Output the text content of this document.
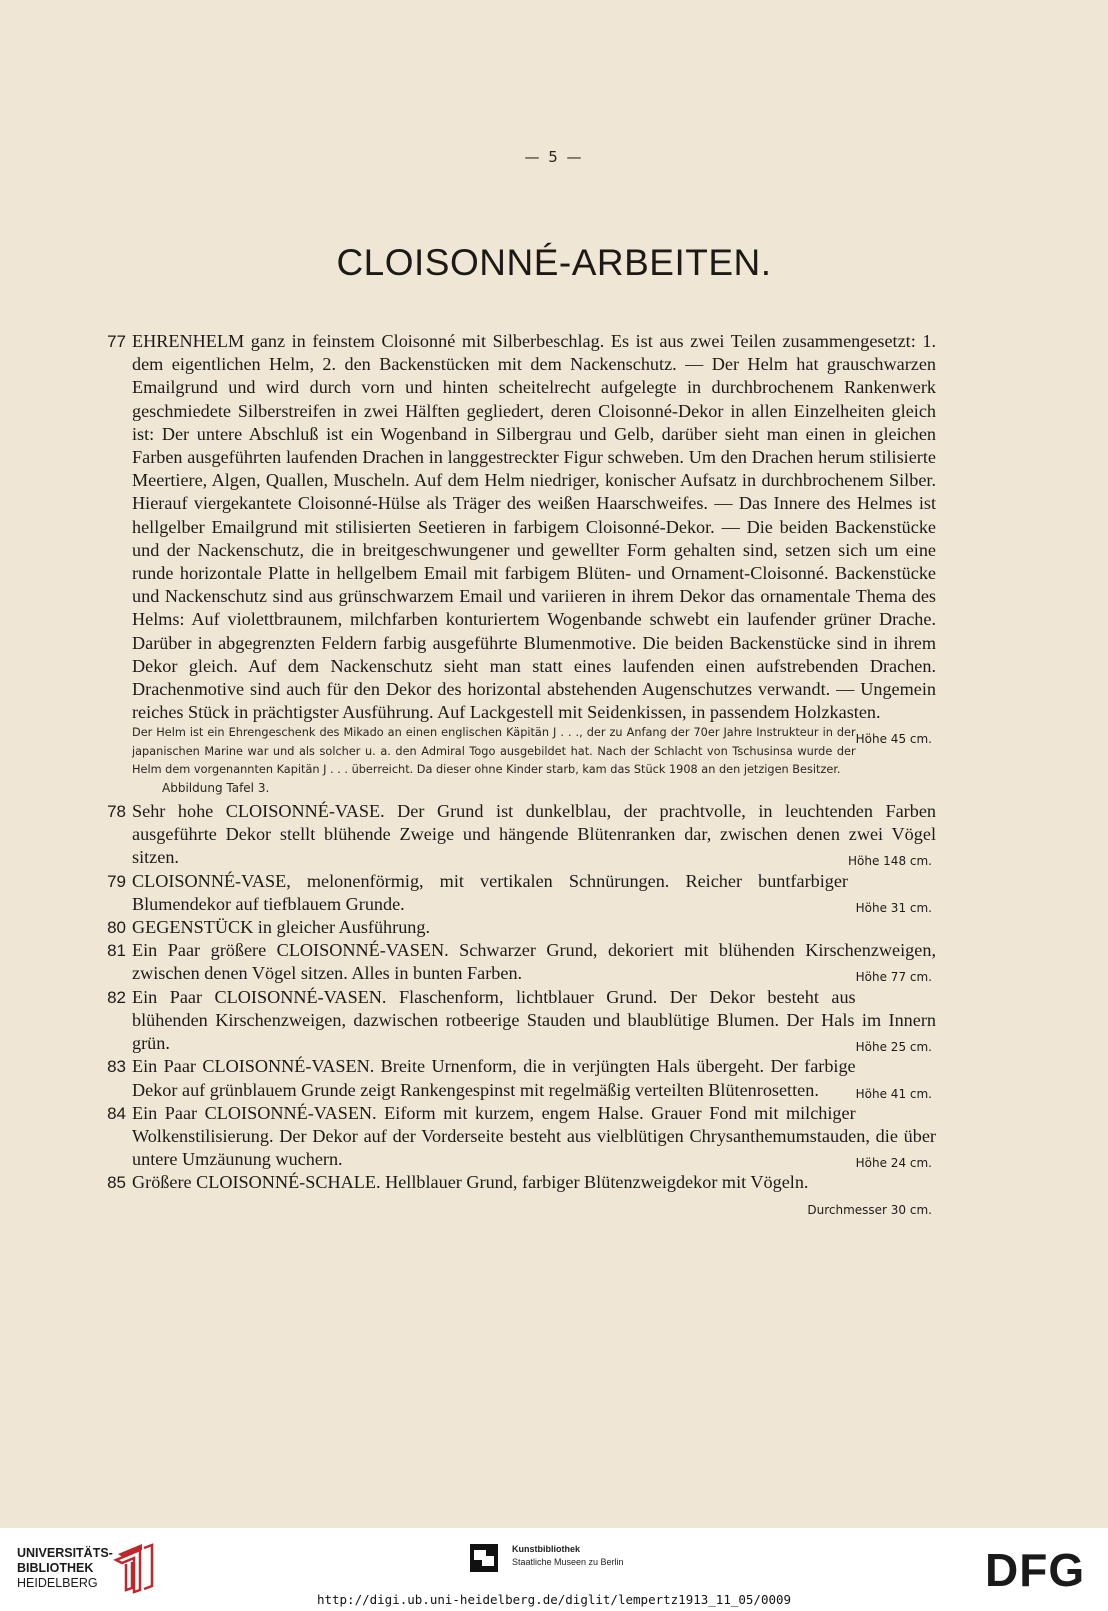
— 5 —
CLOISONNÉ-ARBEITEN.
77 EHRENHELM ganz in feinstem Cloisonné mit Silberbeschlag. Es ist aus zwei Teilen zusammengesetzt: 1. dem eigentlichen Helm, 2. den Backenstücken mit dem Nackenschutz. — Der Helm hat grauschwarzen Emailgrund und wird durch vorn und hinten scheitelrecht aufgelegte in durchbrochenem Rankenwerk geschmiedete Silberstreifen in zwei Hälften gegliedert, deren Cloisonné-Dekor in allen Einzelheiten gleich ist: Der untere Abschluß ist ein Wogenband in Silbergrau und Gelb, darüber sieht man einen in gleichen Farben ausgeführten laufenden Drachen in langgestreckter Figur schweben. Um den Drachen herum stilisierte Meertiere, Algen, Quallen, Muscheln. Auf dem Helm niedriger, konischer Aufsatz in durchbrochenem Silber. Hierauf viergekantete Cloisonné-Hülse als Träger des weißen Haarschweifes. — Das Innere des Helmes ist hellgelber Emailgrund mit stilisierten Seetieren in farbigem Cloisonné-Dekor. — Die beiden Backenstücke und der Nackenschutz, die in breitgeschwungener und gewellter Form gehalten sind, setzen sich um eine runde horizontale Platte in hellgelbem Email mit farbigem Blüten- und Ornament-Cloisonné. Backenstücke und Nackenschutz sind aus grünschwarzem Email und variieren in ihrem Dekor das ornamentale Thema des Helms: Auf violettbraunem, milchfarben konturiertem Wogenbande schwebt ein laufender grüner Drache. Darüber in abgegrenzten Feldern farbig ausgeführte Blumenmotive. Die beiden Backenstücke sind in ihrem Dekor gleich. Auf dem Nackenschutz sieht man statt eines laufenden einen aufstrebenden Drachen. Drachenmotive sind auch für den Dekor des horizontal abstehenden Augenschutzes verwandt. — Ungemein reiches Stück in prächtigster Ausführung. Auf Lackgestell mit Seidenkissen, in passendem Holzkasten.
Höhe 45 cm.
Der Helm ist ein Ehrengeschenk des Mikado an einen englischen Käpitän J . . ., der zu Anfang der 70er Jahre Instrukteur in der japanischen Marine war und als solcher u. a. den Admiral Togo ausgebildet hat. Nach der Schlacht von Tschusinsa wurde der Helm dem vorgenannten Kapitän J . . . überreicht. Da dieser ohne Kinder starb, kam das Stück 1908 an den jetzigen Besitzer.
Abbildung Tafel 3.
78 Sehr hohe CLOISONNÉ-VASE. Der Grund ist dunkelblau, der prachtvolle, in leuchtenden Farben ausgeführte Dekor stellt blühende Zweige und hängende Blütenranken dar, zwischen denen zwei Vögel sitzen.	Höhe 148 cm.
79 CLOISONNÉ-VASE, melonenförmig, mit vertikalen Schnürungen. Reicher buntfarbiger Blumendekor auf tiefblauem Grunde.	Höhe 31 cm.
80 GEGENSTÜCK in gleicher Ausführung.
81 Ein Paar größere CLOISONNÉ-VASEN. Schwarzer Grund, dekoriert mit blühenden Kirschenzweigen, zwischen denen Vögel sitzen. Alles in bunten Farben.	Höhe 77 cm.
82 Ein Paar CLOISONNÉ-VASEN. Flaschenform, lichtblauer Grund. Der Dekor besteht aus blühenden Kirschenzweigen, dazwischen rotbeerige Stauden und blaublütige Blumen. Der Hals im Innern grün.	Höhe 25 cm.
83 Ein Paar CLOISONNÉ-VASEN. Breite Urnenform, die in verjüngten Hals übergeht. Der farbige Dekor auf grünblauem Grunde zeigt Rankengespinst mit regelmäßig verteilten Blütenrosetten.	Höhe 41 cm.
84 Ein Paar CLOISONNÉ-VASEN. Eiform mit kurzem, engem Halse. Grauer Fond mit milchiger Wolkenstilisierung. Der Dekor auf der Vorderseite besteht aus vielblütigen Chrysanthemumstauden, die über untere Umzäunung wuchern.	Höhe 24 cm.
85 Größere CLOISONNÉ-SCHALE. Hellblauer Grund, farbiger Blütenzweigdekor mit Vögeln.
Durchmesser 30 cm.
UNIVERSITÄTS-
BIBLIOTHEK
HEIDELBERG
Kunstbibliothek
Staatliche Museen zu Berlin	DFG
http://digi.ub.uni-heidelberg.de/diglit/lempertz1913_11_05/0009
